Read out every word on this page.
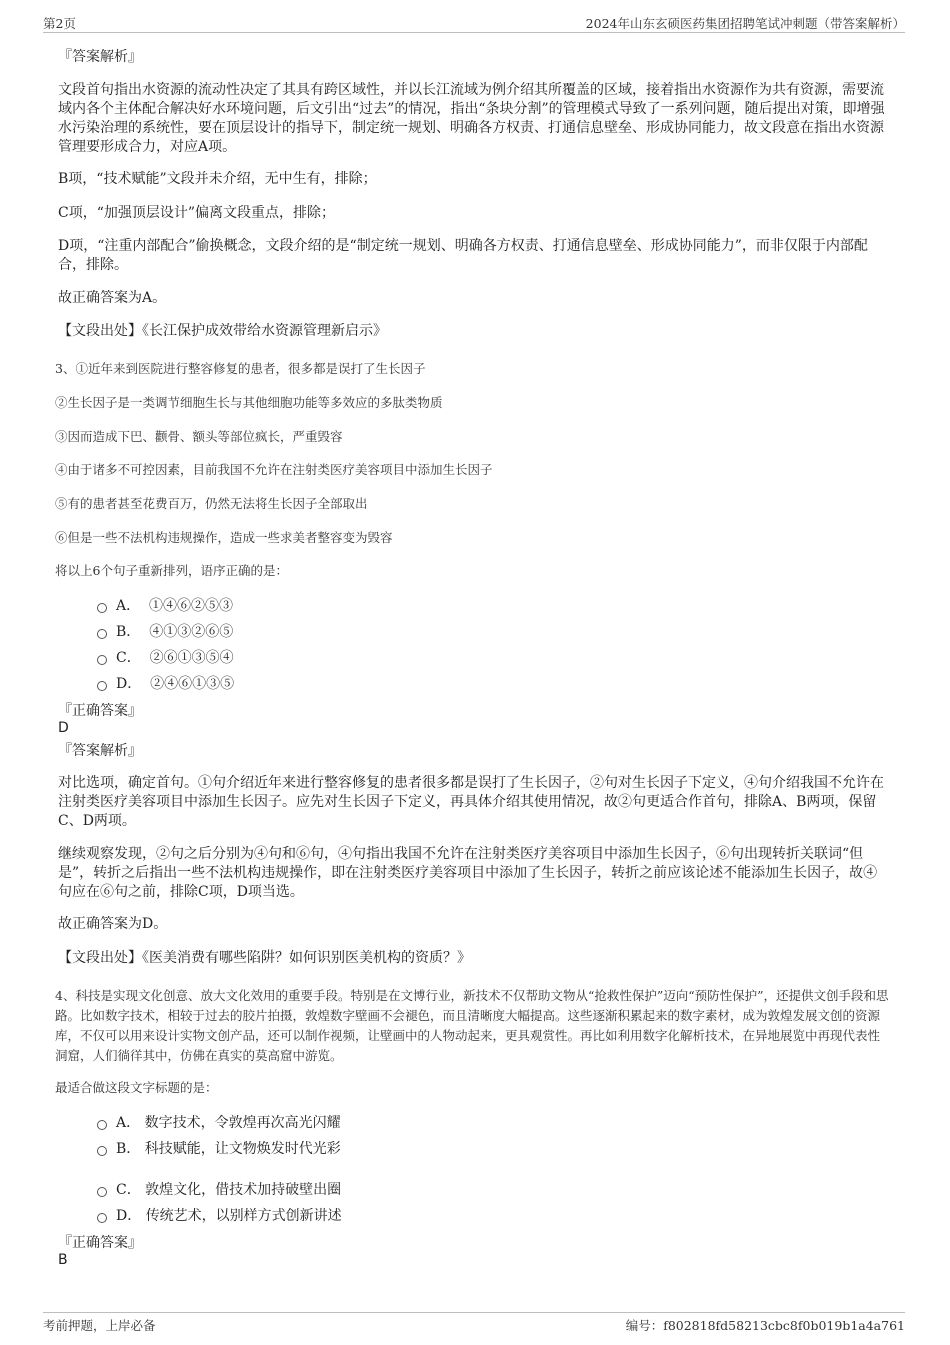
第2页	2024年山东玄硕医药集团招聘笔试冲刺题（带答案解析）
『答案解析』
文段首句指出水资源的流动性决定了其具有跨区域性，并以长江流域为例介绍其所覆盖的区域，接着指出水资源作为共有资源，需要流域内各个主体配合解决好水环境问题，后文引出“过去”的情况，指出“条块分割”的管理模式导致了一系列问题，随后提出对策，即增强水污染治理的系统性，要在顶层设计的指导下，制定统一规划、明确各方权责、打通信息壁垒、形成协同能力，故文段意在指出水资源管理要形成合力，对应A项。
B项，“技术赋能”文段并未介绍，无中生有，排除；
C项，“加强顶层设计”偏离文段重点，排除；
D项，“注重内部配合”偷换概念，文段介绍的是“制定统一规划、明确各方权责、打通信息壁垒、形成协同能力”，而非仅限于内部配合，排除。
故正确答案为A。
【文段出处】《长江保护成效带给水资源管理新启示》
3、①近年来到医院进行整容修复的患者，很多都是误打了生长因子
②生长因子是一类调节细胞生长与其他细胞功能等多效应的多肽类物质
③因而造成下巴、颧骨、额头等部位疯长，严重毁容
④由于诸多不可控因素，目前我国不允许在注射类医疗美容项目中添加生长因子
⑤有的患者甚至花费百万，仍然无法将生长因子全部取出
⑥但是一些不法机构违规操作，造成一些求美者整容变为毁容
将以上6个句子重新排列，语序正确的是：
A． ①④⑥②⑤③
B． ④①③②⑥⑤
C． ②⑥①③⑤④
D． ②④⑥①③⑤
『正确答案』
D
『答案解析』
对比选项，确定首句。①句介绍近年来进行整容修复的患者很多都是误打了生长因子，②句对生长因子下定义，④句介绍我国不允许在注射类医疗美容项目中添加生长因子。应先对生长因子下定义，再具体介绍其使用情况，故②句更适合作首句，排除A、B两项，保留C、D两项。
继续观察发现，②句之后分别为④句和⑥句，④句指出我国不允许在注射类医疗美容项目中添加生长因子，⑥句出现转折关联词“但是”，转折之后指出一些不法机构违规操作，即在注射类医疗美容项目中添加了生长因子，转折之前应该论述不能添加生长因子，故④句应在⑥句之前，排除C项，D项当选。
故正确答案为D。
【文段出处】《医美消费有哪些陷阱？如何识别医美机构的资质？》
4、科技是实现文化创意、放大文化效用的重要手段。特别是在文博行业，新技术不仅帮助文物从“抢救性保护”迈向“预防性保护”，还提供文创手段和思路。比如数字技术，相较于过去的胶片拍摄，敦煌数字壁画不会褪色，而且清晰度大幅提高。这些逐渐积累起来的数字素材，成为敦煌发展文创的资源库，不仅可以用来设计实物文创产品，还可以制作视频，让壁画中的人物动起来，更具观赏性。再比如利用数字化解析技术，在异地展览中再现代表性洞窟，人们徜徉其中，仿佛在真实的莫高窟中游览。
最适合做这段文字标题的是：
A． 数字技术，令敦煌再次高光闪耀
B． 科技赋能，让文物焕发时代光彩
C． 敦煌文化，借技术加持破壁出圈
D． 传统艺术，以别样方式创新讲述
『正确答案』
B
考前押题，上岸必备	编号：f802818fd58213cbc8f0b019b1a4a761
